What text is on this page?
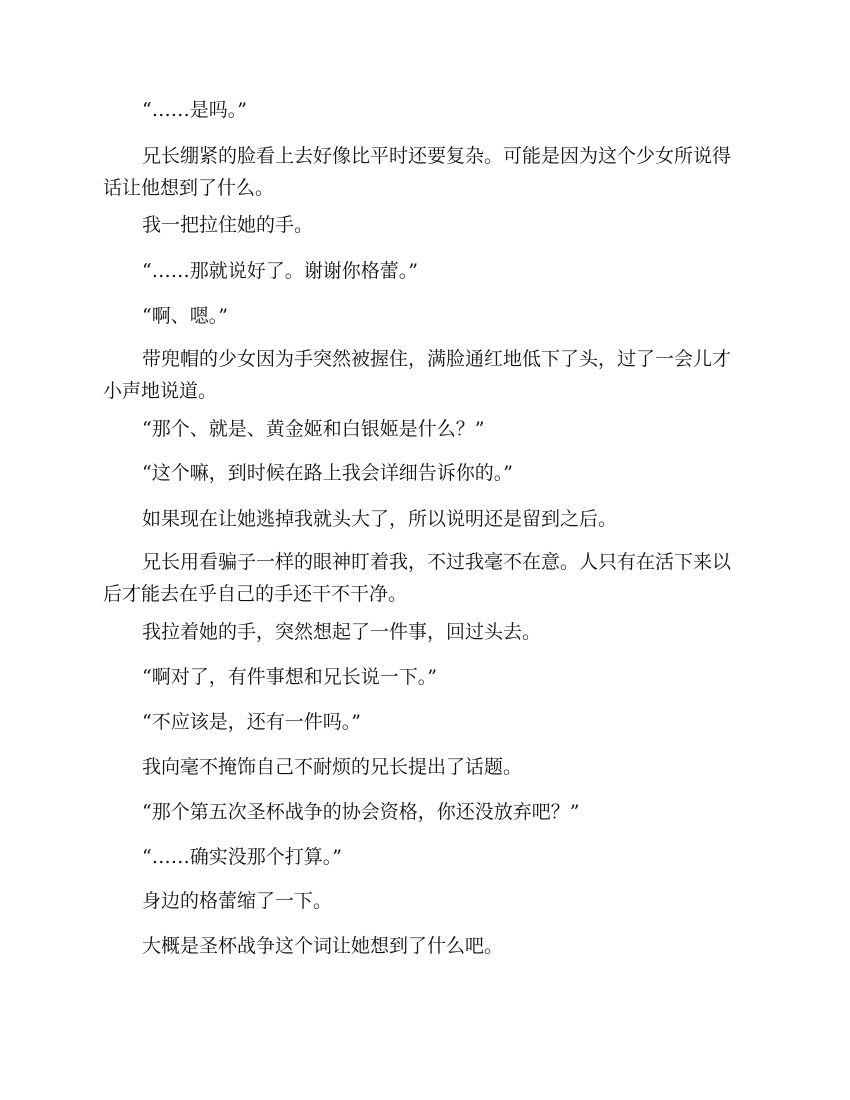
“……是吗。”

兄长绷紧的脸看上去好像比平时还要复杂。可能是因为这个少女所说得话让他想到了什么。

我一把拉住她的手。

“……那就说好了。谢谢你格蕾。”

“啊、嗯。”

带兜帽的少女因为手突然被握住，满脸通红地低下了头，过了一会儿才小声地说道。

“那个、就是、黄金姬和白银姬是什么？”

“这个嘛，到时候在路上我会详细告诉你的。”

如果现在让她逃掉我就头大了，所以说明还是留到之后。

兄长用看骗子一样的眼神盯着我，不过我毫不在意。人只有在活下来以后才能去在乎自己的手还干不干净。

我拉着她的手，突然想起了一件事，回过头去。

“啊对了，有件事想和兄长说一下。”

“不应该是，还有一件吗。”

我向毫不掩饰自己不耐烦的兄长提出了话题。

“那个第五次圣杯战争的协会资格，你还没放弃吧？”

“……确实没那个打算。”

身边的格蕾缩了一下。

大概是圣杯战争这个词让她想到了什么吧。
